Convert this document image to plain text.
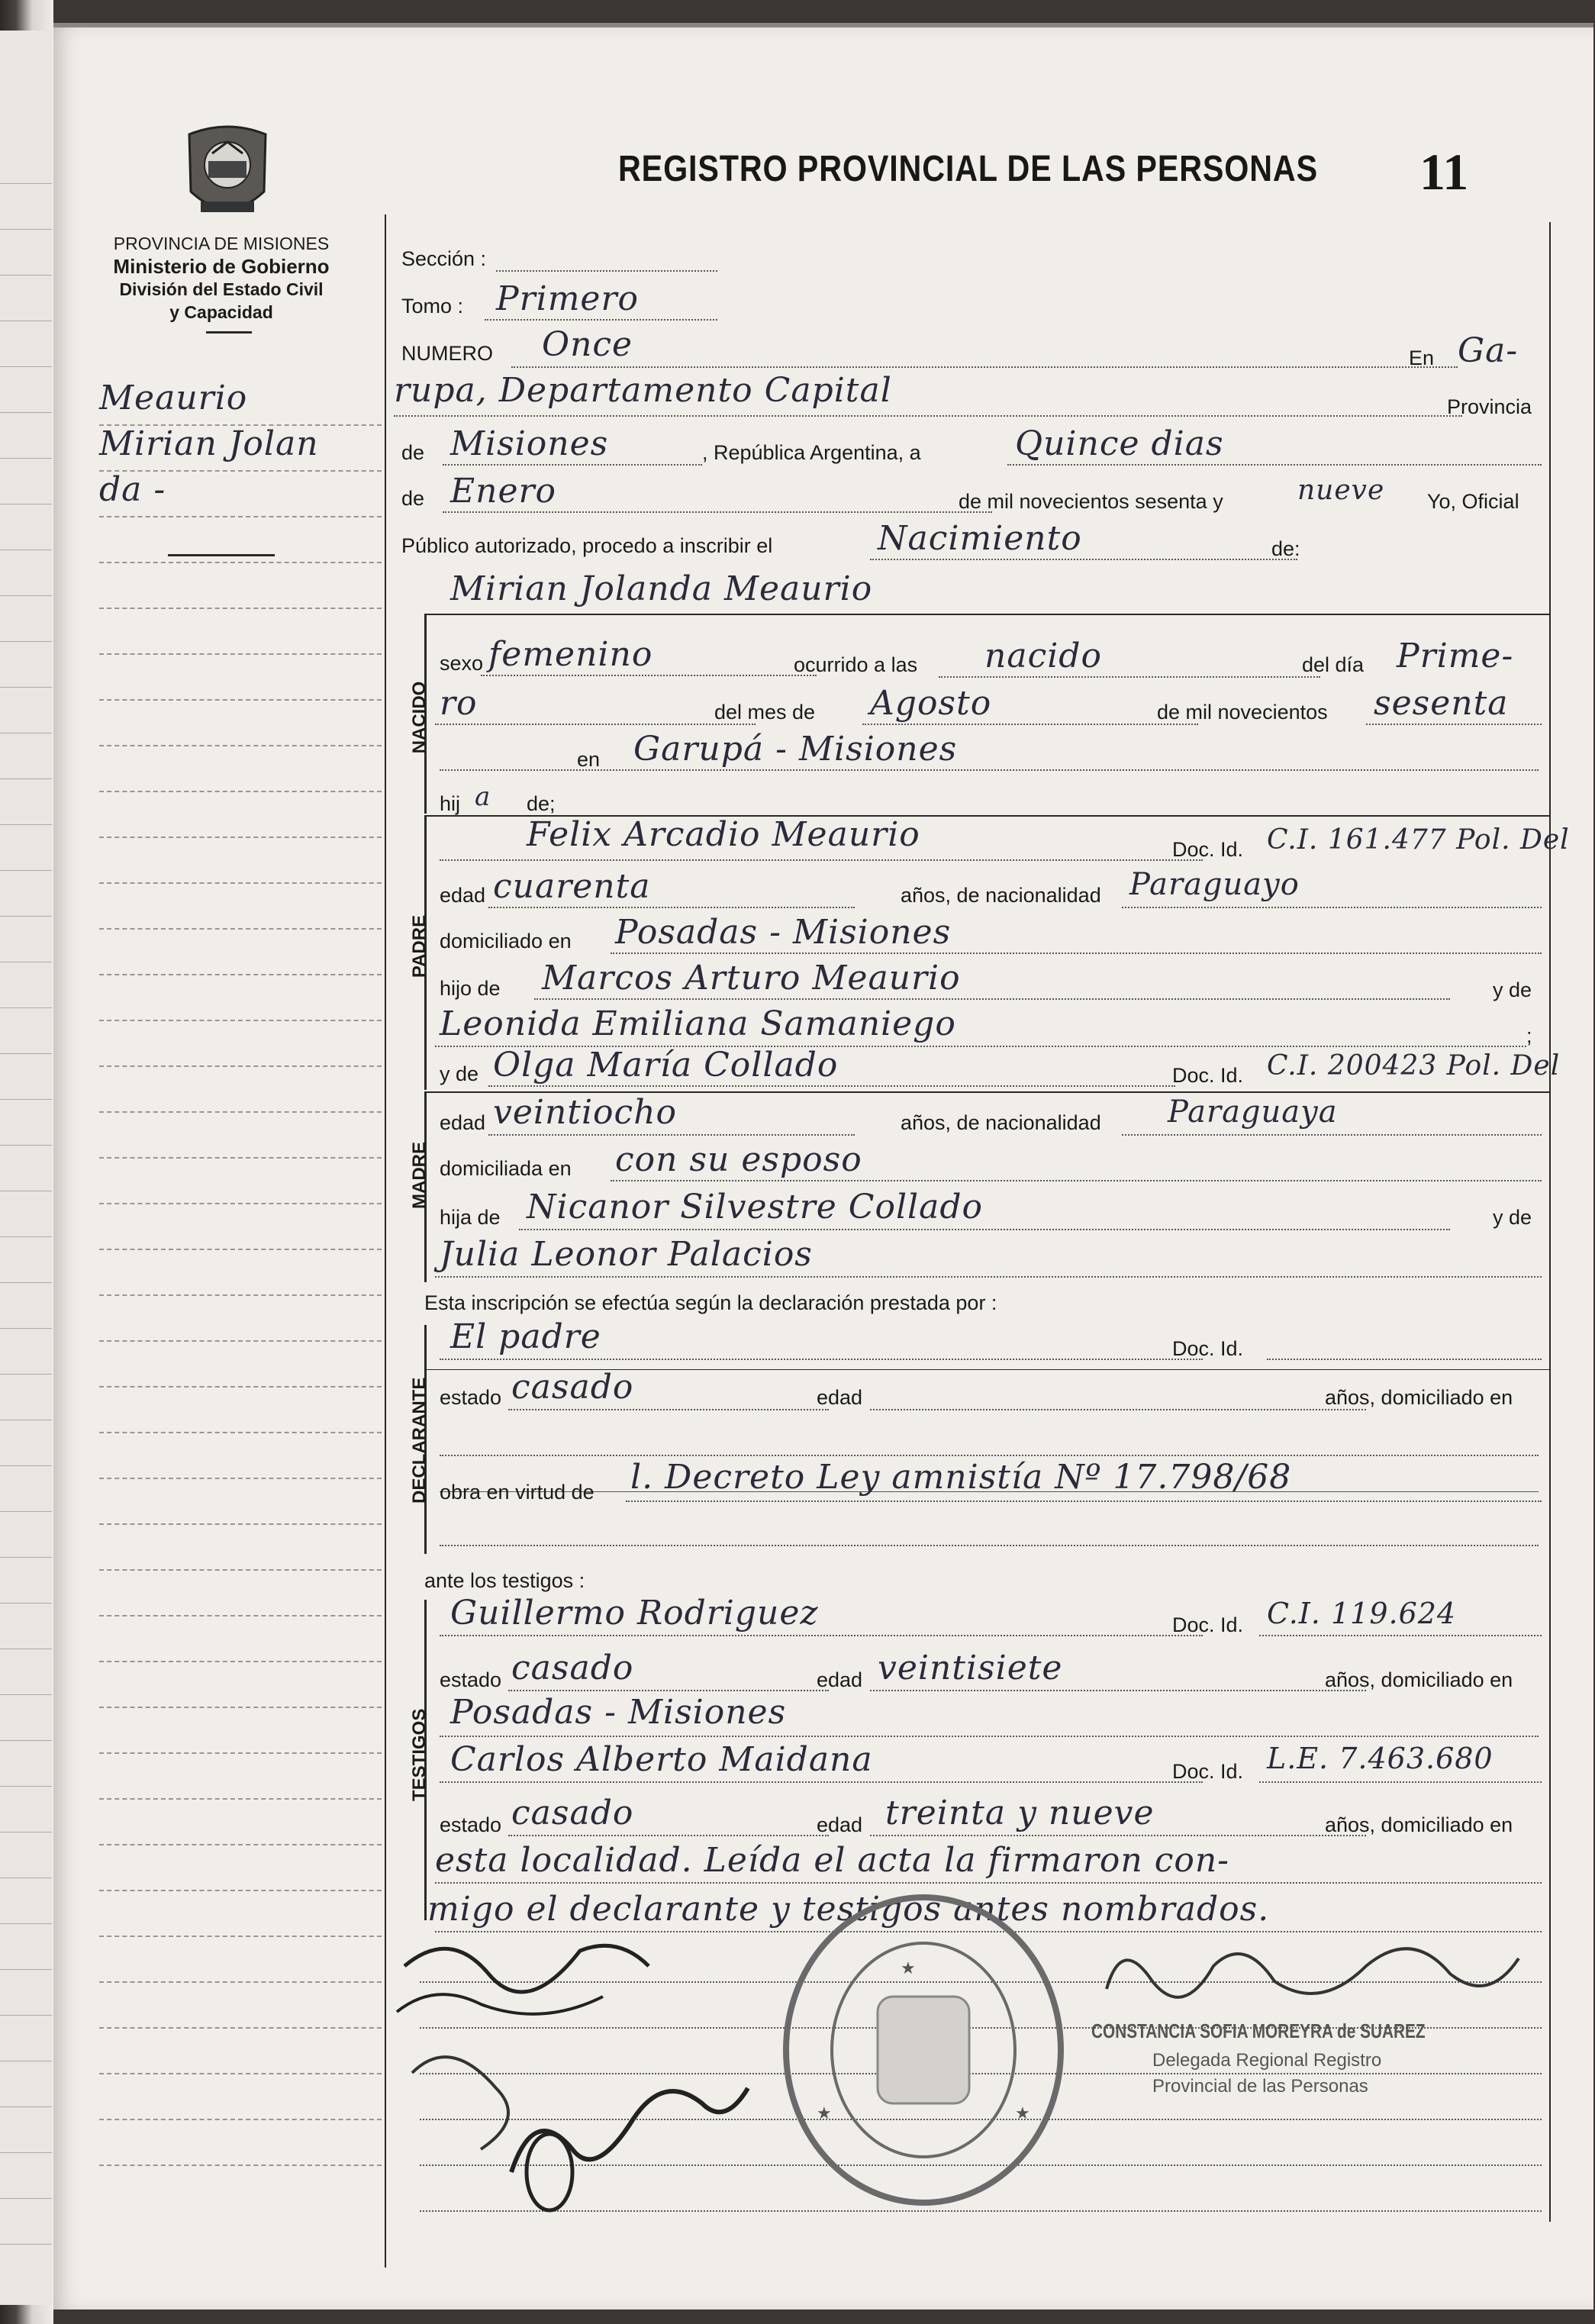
PROVINCIA DE MISIONES
Ministerio de Gobierno
División del Estado Civil
y Capacidad
REGISTRO PROVINCIAL DE LAS PERSONAS 11
Meaurio
Mirian Jolan
da -
Sección :
Tomo : Primero
NUMERO Once	En Ga-
rupa, Departamento Capital	Provincia
de Misiones	, República Argentina, a	Quince dias
de Enero	de mil novecientos sesenta y	nueve Yo, Oficial
Público autorizado, procedo a inscribir el	Nacimiento	de:
Mirian Jolanda Meaurio
NACIDO
sexo femenino	ocurrido a las nacido	del día Prime-
ro	del mes de Agosto	de mil novecientos sesenta
en Garupá - Misiones
hij a de;
PADRE
Felix Arcadio Meaurio	Doc. Id. C.I. 161.477 Pol. Del
edad cuarenta	años, de nacionalidad Paraguayo
domiciliado en Posadas - Misiones
hijo de Marcos Arturo Meaurio	y de
Leonida Emiliana Samaniego	;
MADRE
y de Olga María Collado	Doc. Id. C.I. 200423 Pol. Del
edad veintiocho	años, de nacionalidad Paraguaya
domiciliada en con su esposo
hija de Nicanor Silvestre Collado	y de
Julia Leonor Palacios
Esta inscripción se efectúa según la declaración prestada por :
DECLARANTE
El padre	Doc. Id.
estado casado	edad	años, domiciliado en
obra en virtud de l. Decreto Ley amnistía Nº 17.798/68
ante los testigos :
TESTIGOS
Guillermo Rodriguez	Doc. Id. C.I. 119.624
estado casado	edad veintisiete	años, domiciliado en
Posadas - Misiones
Carlos Alberto Maidana	Doc. Id. L.E. 7.463.680
estado casado	edad treinta y nueve	años, domiciliado en
esta localidad. Leída el acta la firmaron con-
migo el declarante y testigos antes nombrados.
★
★	★
CONSTANCIA SOFIA MOREYRA de SUAREZ
Delegada Regional Registro
Provincial de las Personas
